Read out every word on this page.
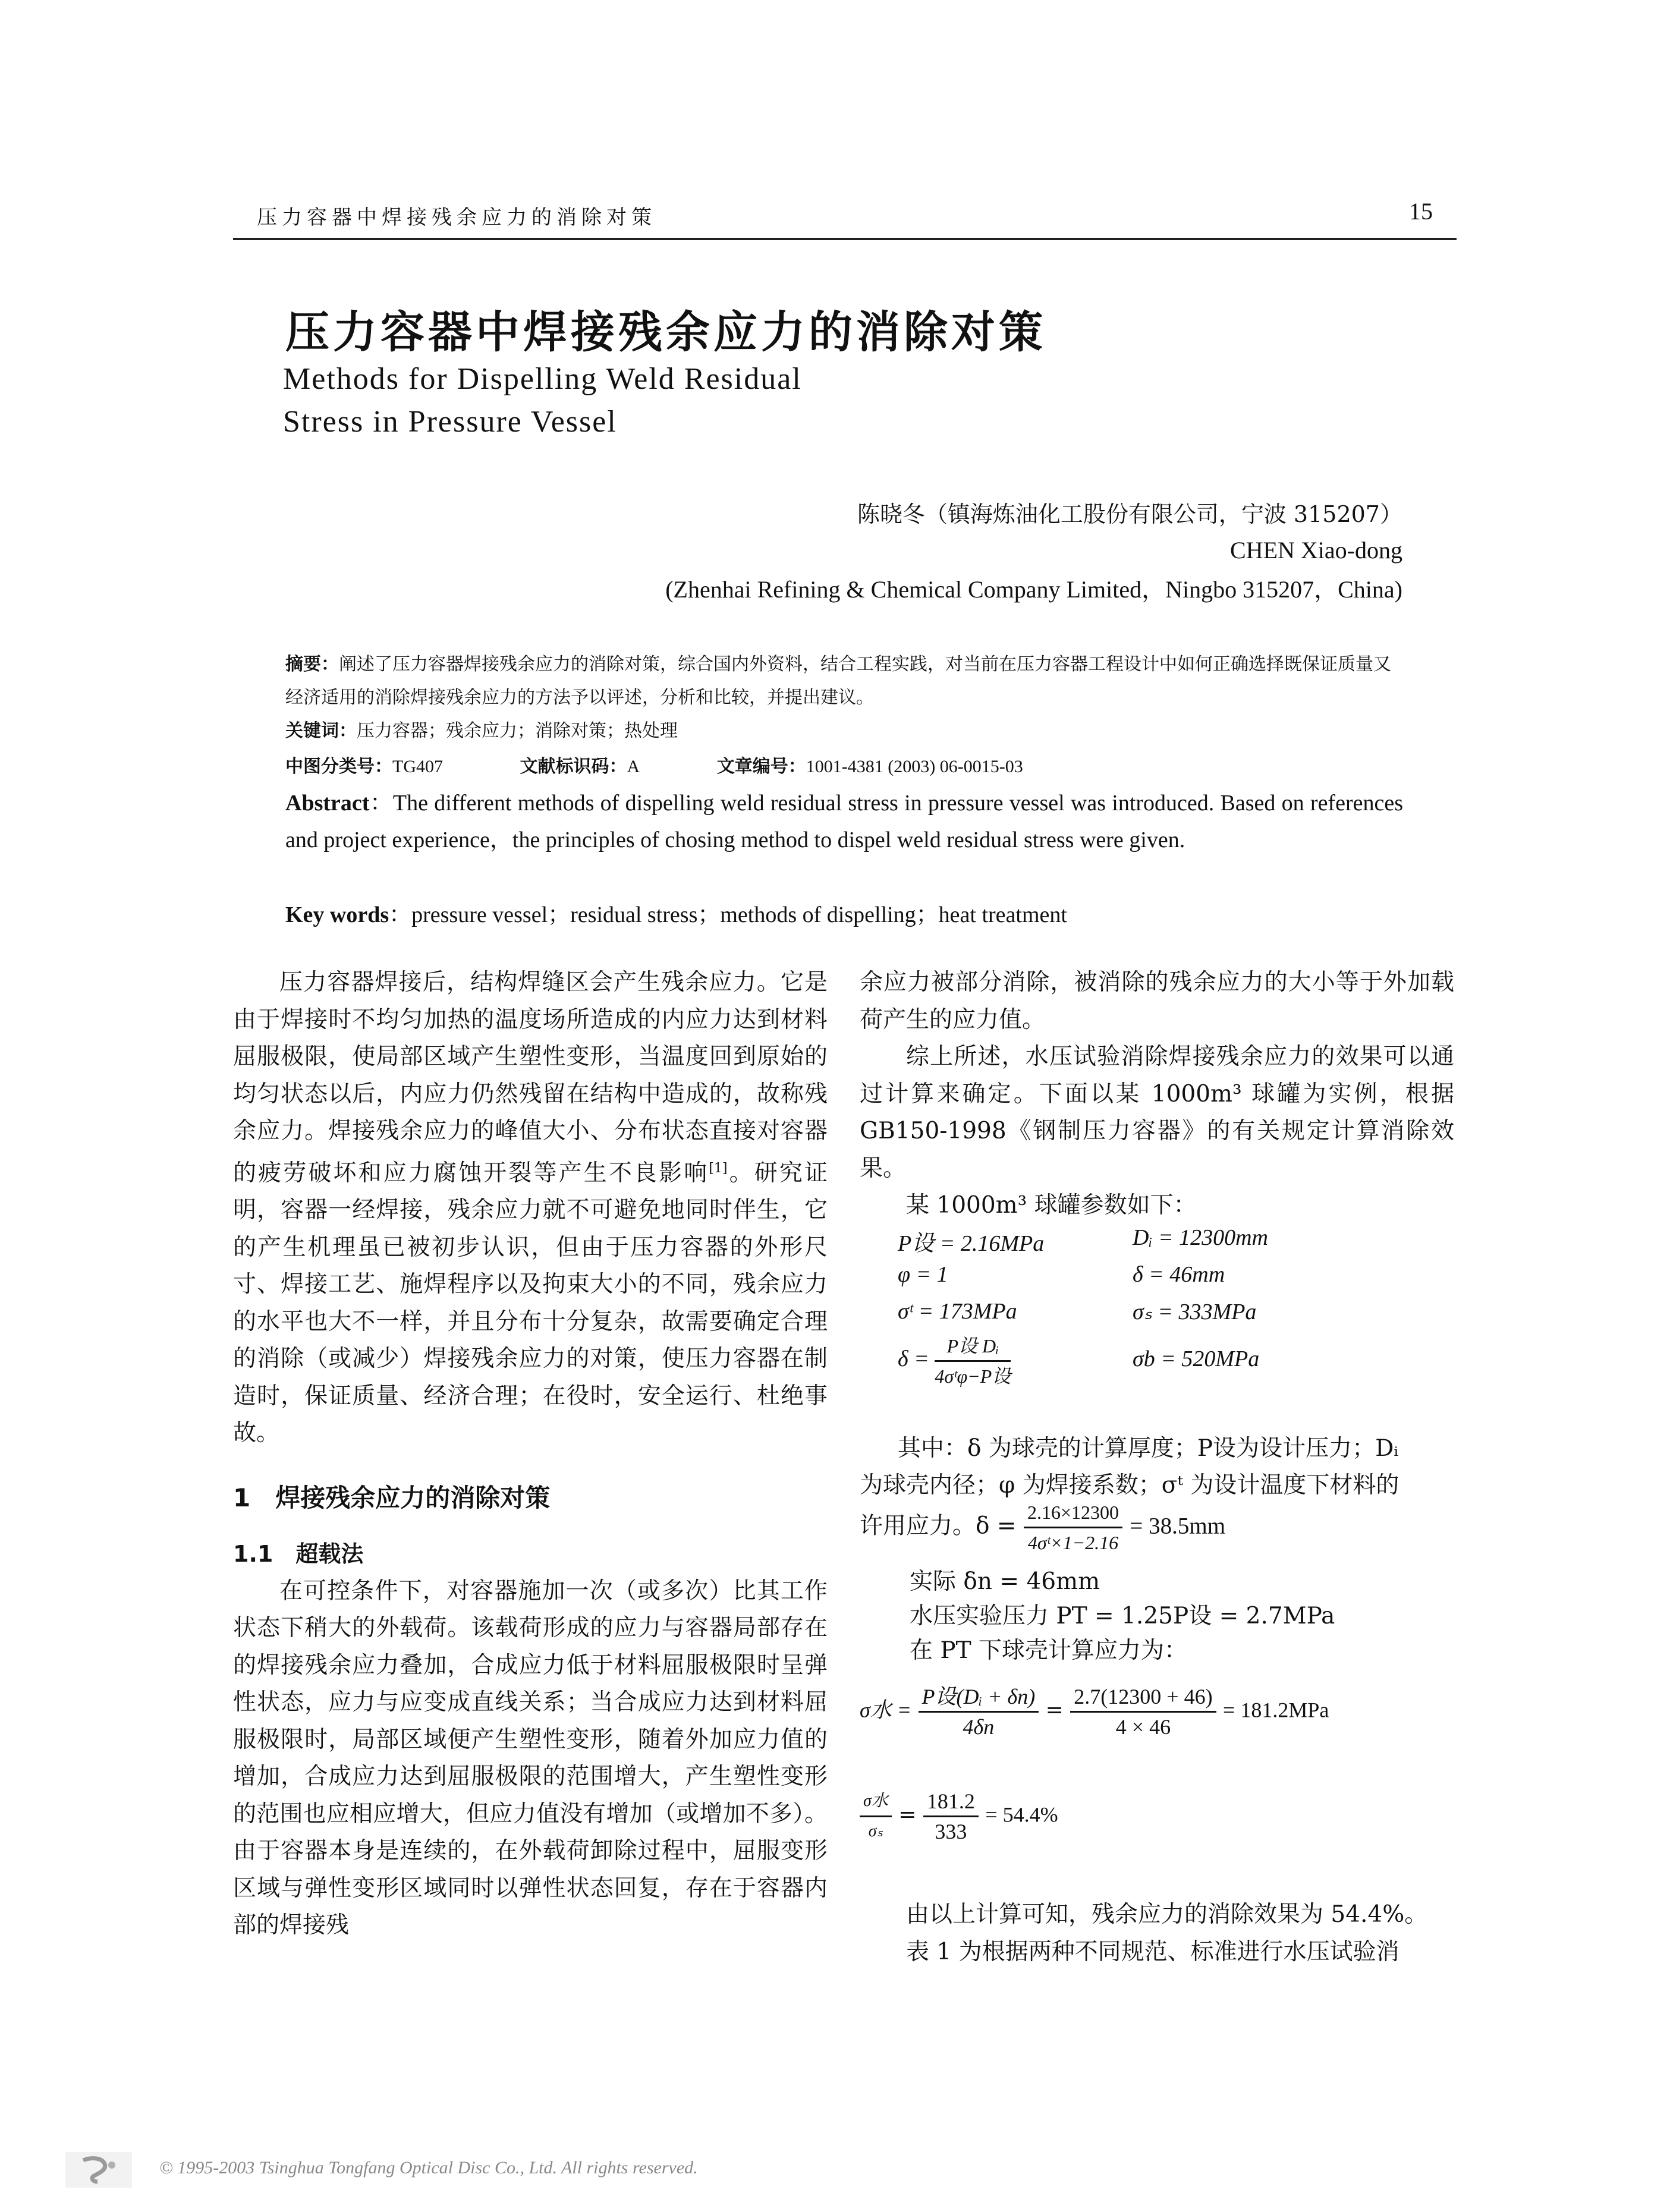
压力容器中焊接残余应力的消除对策	15
压力容器中焊接残余应力的消除对策
Methods for Dispelling Weld Residual
Stress in Pressure Vessel
陈晓冬（镇海炼油化工股份有限公司，宁波 315207）
CHEN Xiao-dong
(Zhenhai Refining & Chemical Company Limited，Ningbo 315207，China)
摘要：阐述了压力容器焊接残余应力的消除对策，综合国内外资料，结合工程实践，对当前在压力容器工程设计中如何正确选择既保证质量又经济适用的消除焊接残余应力的方法予以评述，分析和比较，并提出建议。
关键词：压力容器；残余应力；消除对策；热处理
中图分类号：TG407	文献标识码：A	文章编号：1001-4381 (2003) 06-0015-03
Abstract：The different methods of dispelling weld residual stress in pressure vessel was introduced. Based on references and project experience，the principles of chosing method to dispel weld residual stress were given.
Key words：pressure vessel；residual stress；methods of dispelling；heat treatment

压力容器焊接后，结构焊缝区会产生残余应力。它是由于焊接时不均匀加热的温度场所造成的内应力达到材料屈服极限，使局部区域产生塑性变形，当温度回到原始的均匀状态以后，内应力仍然残留在结构中造成的，故称残余应力。焊接残余应力的峰值大小、分布状态直接对容器的疲劳破坏和应力腐蚀开裂等产生不良影响[1]。研究证明，容器一经焊接，残余应力就不可避免地同时伴生，它的产生机理虽已被初步认识，但由于压力容器的外形尺寸、焊接工艺、施焊程序以及拘束大小的不同，残余应力的水平也大不一样，并且分布十分复杂，故需要确定合理的消除（或减少）焊接残余应力的对策，使压力容器在制造时，保证质量、经济合理；在役时，安全运行、杜绝事故。

1　焊接残余应力的消除对策
1.1　超载法

在可控条件下，对容器施加一次（或多次）比其工作状态下稍大的外载荷。该载荷形成的应力与容器局部存在的焊接残余应力叠加，合成应力低于材料屈服极限时呈弹性状态，应力与应变成直线关系；当合成应力达到材料屈服极限时，局部区域便产生塑性变形，随着外加应力值的增加，合成应力达到屈服极限的范围增大，产生塑性变形的范围也应相应增大，但应力值没有增加（或增加不多）。由于容器本身是连续的，在外载荷卸除过程中，屈服变形区域与弹性变形区域同时以弹性状态回复，存在于容器内部的焊接残

余应力被部分消除，被消除的残余应力的大小等于外加载荷产生的应力值。

综上所述，水压试验消除焊接残余应力的效果可以通过计算来确定。下面以某 1000m³ 球罐为实例，根据 GB150-1998《钢制压力容器》的有关规定计算消除效果。

某 1000m³ 球罐参数如下：

P设 = 2.16MPa	Dᵢ = 12300mm
φ = 1	δ = 46mm
σᵗ = 173MPa	σₛ = 333MPa
$\delta = \frac{\text{P设 Dᵢ}}{\text{4σᵗφ−P设}}$	σb = 520MPa
其中：δ 为球壳的计算厚度；P设为设计压力；Dᵢ
为球壳内径；φ 为焊接系数；σᵗ 为设计温度下材料的
许用应力。$\delta = \frac{2.16\times 12300}{\text{4σᵗ×1−2.16}} = 38.5mm$
实际 δn = 46mm
水压实验压力 PT = 1.25P设 = 2.7MPa
在 PT 下球壳计算应力为：
σ水 = $\frac{\text{P设(Dᵢ + δn)}}{4\delta n} = \frac{2.7(12300 + 46)}{4 \times 46} = 181.2MPa$
$\frac{\text{σ水}}{\text{σₛ}} = \frac{181.2}{333} = 54.4\%$

由以上计算可知，残余应力的消除效果为 54.4%。

表 1 为根据两种不同规范、标准进行水压试验消

© 1995-2003 Tsinghua Tongfang Optical Disc Co., Ltd. All rights reserved.
